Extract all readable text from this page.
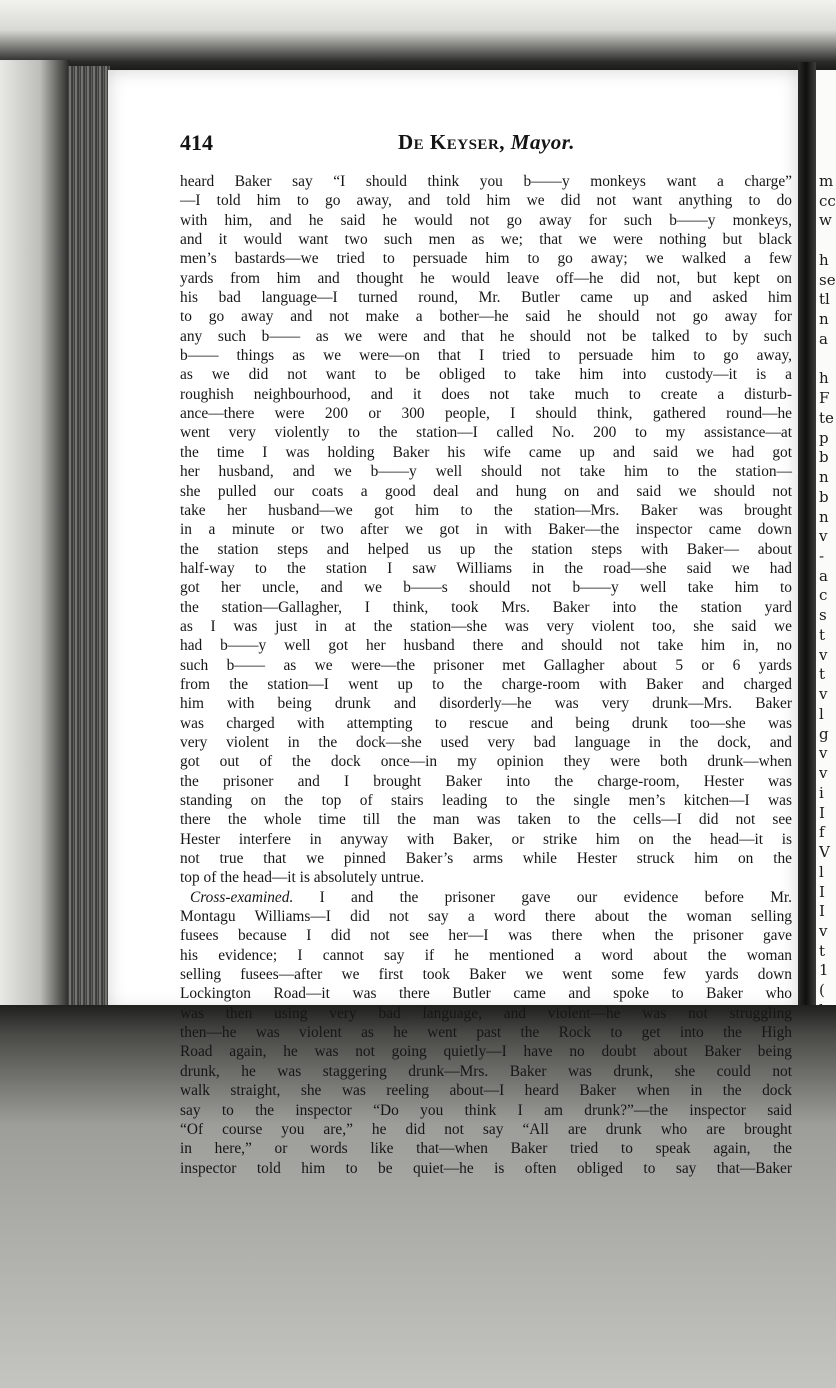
m
cc
w
h
se
tl
n
a
h
F
te
p
b
n
b
n
v
-
a
c
s
t
v
t
v
l
g
v
v
i
I
f
V
l
I
I
v
t
1
(
414	De Keyser, Mayor.
heard Baker say “I should think you b——y monkeys want a charge”
—I told him to go away, and told him we did not want anything to do
with him, and he said he would not go away for such b——y monkeys,
and it would want two such men as we; that we were nothing but black
men’s bastards—we tried to persuade him to go away; we walked a few
yards from him and thought he would leave off—he did not, but kept on
his bad language—I turned round, Mr. Butler came up and asked him
to go away and not make a bother—he said he should not go away for
any such b—— as we were and that he should not be talked to by such
b—— things as we were—on that I tried to persuade him to go away,
as we did not want to be obliged to take him into custody—it is a
roughish neighbourhood, and it does not take much to create a disturb-
ance—there were 200 or 300 people, I should think, gathered round—he
went very violently to the station—I called No. 200 to my assistance—at
the time I was holding Baker his wife came up and said we had got
her husband, and we b——y well should not take him to the station—
she pulled our coats a good deal and hung on and said we should not
take her husband—we got him to the station—Mrs. Baker was brought
in a minute or two after we got in with Baker—the inspector came down
the station steps and helped us up the station steps with Baker— about
half-way to the station I saw Williams in the road—she said we had
got her uncle, and we b——s should not b——y well take him to
the station—Gallagher, I think, took Mrs. Baker into the station yard
as I was just in at the station—she was very violent too, she said we
had b——y well got her husband there and should not take him in, no
such b—— as we were—the prisoner met Gallagher about 5 or 6 yards
from the station—I went up to the charge-room with Baker and charged
him with being drunk and disorderly—he was very drunk—Mrs. Baker
was charged with attempting to rescue and being drunk too—she was
very violent in the dock—she used very bad language in the dock, and
got out of the dock once—in my opinion they were both drunk—when
the prisoner and I brought Baker into the charge-room, Hester was
standing on the top of stairs leading to the single men’s kitchen—I was
there the whole time till the man was taken to the cells—I did not see
Hester interfere in anyway with Baker, or strike him on the head—it is
not true that we pinned Baker’s arms while Hester struck him on the
top of the head—it is absolutely untrue.
Cross-examined. I and the prisoner gave our evidence before Mr.
Montagu Williams—I did not say a word there about the woman selling
fusees because I did not see her—I was there when the prisoner gave
his evidence; I cannot say if he mentioned a word about the woman
selling fusees—after we first took Baker we went some few yards down
Lockington Road—it was there Butler came and spoke to Baker who
was then using very bad language, and violent—he was not struggling
then—he was violent as he went past the Rock to get into the High
Road again, he was not going quietly—I have no doubt about Baker being
drunk, he was staggering drunk—Mrs. Baker was drunk, she could not
walk straight, she was reeling about—I heard Baker when in the dock
say to the inspector “Do you think I am drunk?”—the inspector said
“Of course you are,” he did not say “All are drunk who are brought
in here,” or words like that—when Baker tried to speak again, the
inspector told him to be quiet—he is often obliged to say that—Baker
